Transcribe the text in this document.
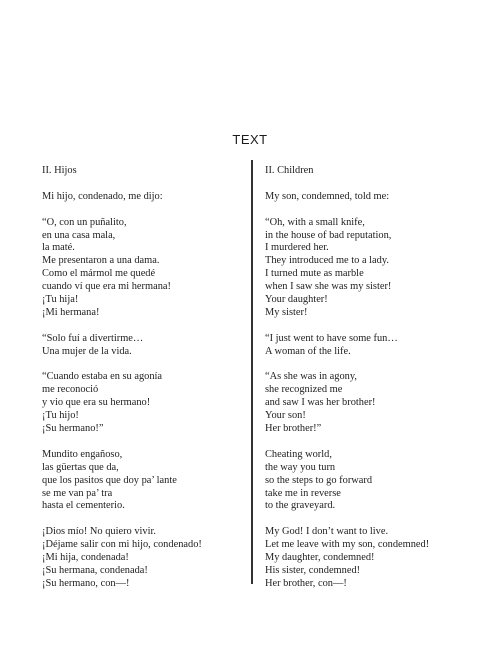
TEXT
II. Hijos
Mi hijo, condenado, me dijo:
“O, con un puñalito,
en una casa mala,
la maté.
Me presentaron a una dama.
Como el mármol me quedé
cuando ví que era mi hermana!
¡Tu hija!
¡Mi hermana!
“Solo fuí a divertirme…
Una mujer de la vida.
“Cuando estaba en su agonía
me reconoció
y vio que era su hermano!
¡Tu hijo!
¡Su hermano!”
Mundito engañoso,
las güertas que da,
que los pasitos que doy pa’ lante
se me van pa’ tra
hasta el cementerio.
¡Dios mío! No quiero vivir.
¡Déjame salir con mi hijo, condenado!
¡Mi hija, condenada!
¡Su hermana, condenada!
¡Su hermano, con—!
II. Children
My son, condemned, told me:
“Oh, with a small knife,
in the house of bad reputation,
I murdered her.
They introduced me to a lady.
I turned mute as marble
when I saw she was my sister!
Your daughter!
My sister!
“I just went to have some fun…
A woman of the life.
“As she was in agony,
she recognized me
and saw I was her brother!
Your son!
Her brother!”
Cheating world,
the way you turn
so the steps to go forward
take me in reverse
to the graveyard.
My God! I don’t want to live.
Let me leave with my son, condemned!
My daughter, condemned!
His sister, condemned!
Her brother, con—!
